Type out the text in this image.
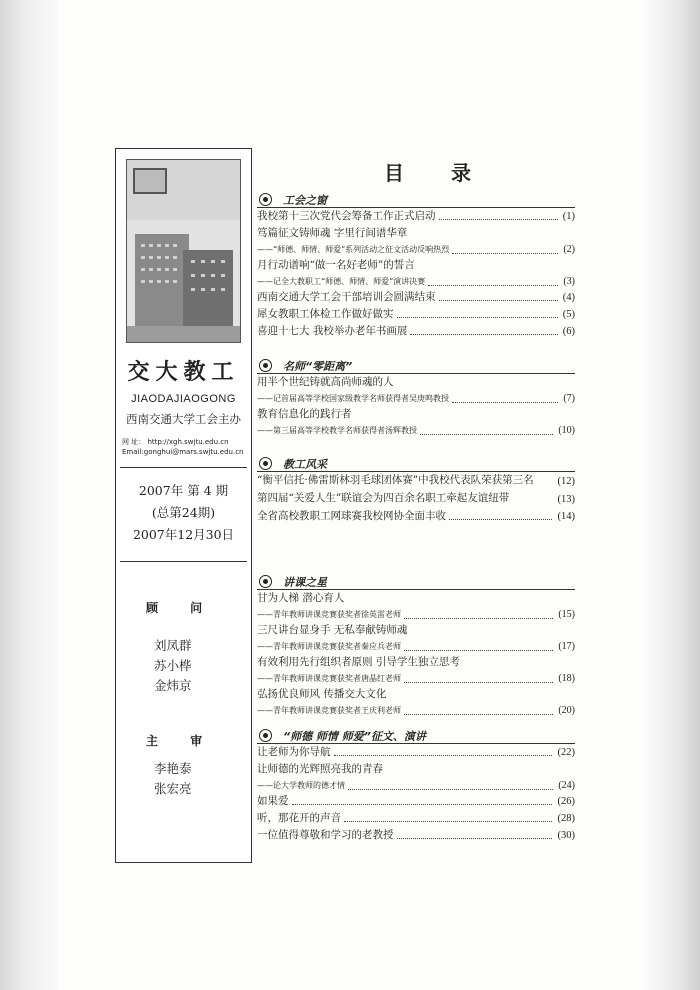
交大教工
JIAODAJIAOGONG
西南交通大学工会主办
网 址： http://xgh.swjtu.edu.cn
Email:gonghui@mars.swjtu.edu.cn
2007年 第 4 期
(总第24期)
2007年12月30日
顾 问
刘凤群
苏小桦
金炜京
主 审
李艳泰
张宏亮
目 录
工会之窗
我校第十三次党代会筹备工作正式启动	(1)
笃篇征文铸师魂 字里行间谱华章
——“师德、师情、师爱”系列活动之征文活动反响热烈	(2)
月行动谱响“做一名好老师”的誓言
——记全大教职工“师德、师情、师爱”演讲决赛	(3)
西南交通大学工会干部培训会圆满结束	(4)
犀女教职工体检工作做好做实	(5)
喜迎十七大 我校举办老年书画展	(6)
名师“零距离”
用半个世纪铸就高尚师魂的人
——记首届高等学校国家级教学名师获得者吴庚鸣教授	(7)
教育信息化的践行者
——第三届高等学校教学名师获得者汤辉教授	(10)
教工风采
“衡平信托·佛雷斯林羽毛球团体赛”中我校代表队荣获第三名	(12)
第四届“关爱人生”联谊会为四百余名职工牵起友谊纽带	(13)
全省高校教职工网球赛我校网协全面丰收	(14)
讲课之星
甘为人梯 潜心育人
——青年教师讲课竞赛获奖者徐英雷老师	(15)
三尺讲台显身手 无私奉献铸师魂
——青年教师讲课竞赛获奖者秦应兵老师	(17)
有效利用先行组织者原则 引导学生独立思考
——青年教师讲课竞赛获奖者唐晶红老师	(18)
弘扬优良师风 传播交大文化
——青年教师讲课竞赛获奖者王庆利老师	(20)
“师德 师情 师爱”征文、演讲
让老师为你导航	(22)
让师德的光辉照亮我的青春
——论大学教师的德才情	(24)
如果爱	(26)
听，那花开的声音	(28)
一位值得尊敬和学习的老教授	(30)
